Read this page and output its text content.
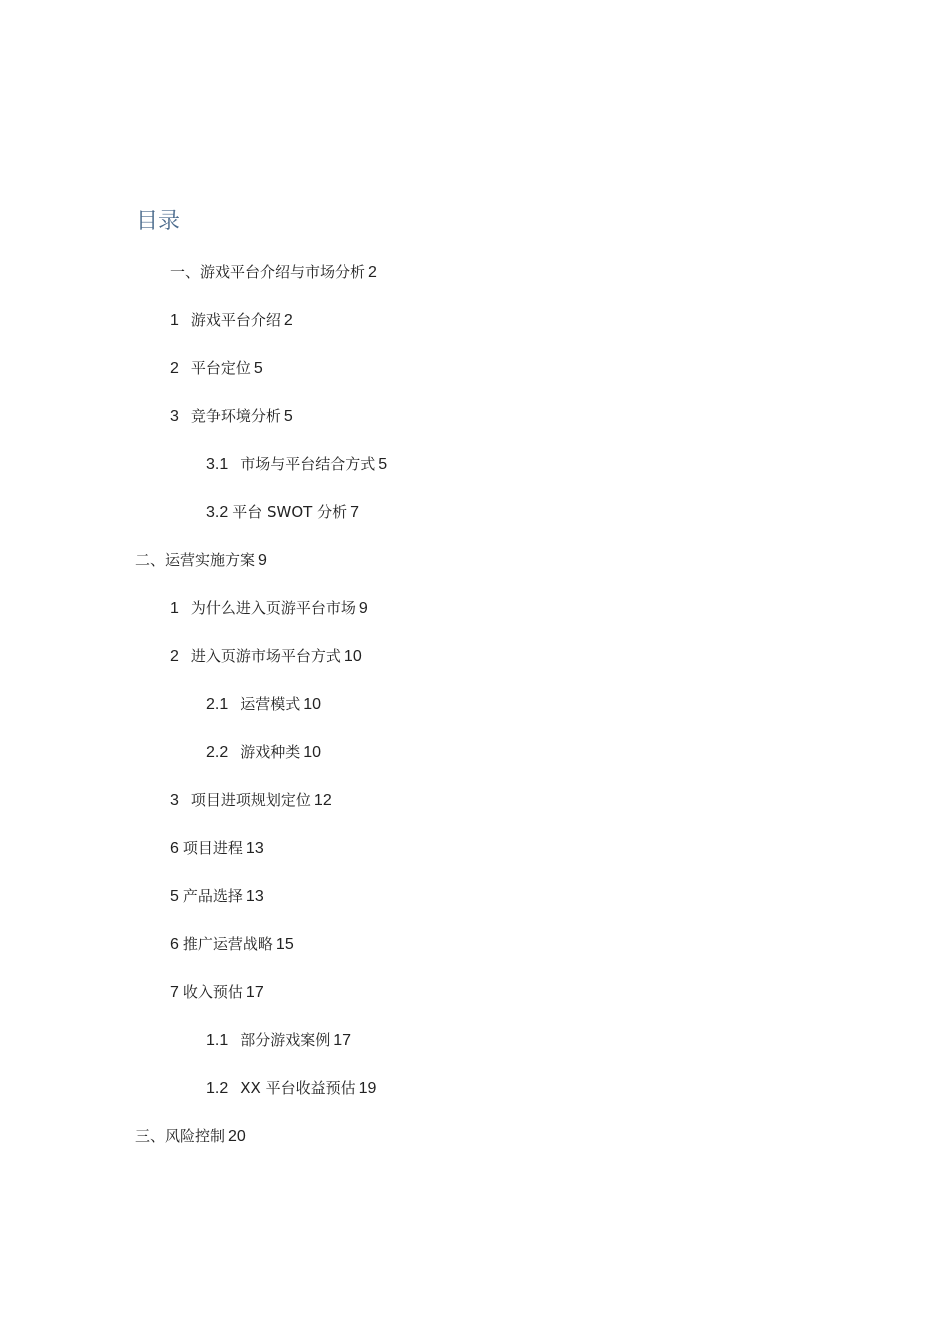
目录
一、游戏平台介绍与市场分析 2
1 游戏平台介绍 2
2 平台定位 5
3 竞争环境分析 5
3.1 市场与平台结合方式 5
3.2 平台 SWOT 分析 7
二、运营实施方案 9
1 为什么进入页游平台市场 9
2 进入页游市场平台方式 10
2.1 运营模式 10
2.2 游戏种类 10
3 项目进项规划定位 12
6 项目进程 13
5 产品选择 13
6 推广运营战略 15
7 收入预估 17
1.1 部分游戏案例 17
1.2 XX 平台收益预估 19
三、风险控制 20
